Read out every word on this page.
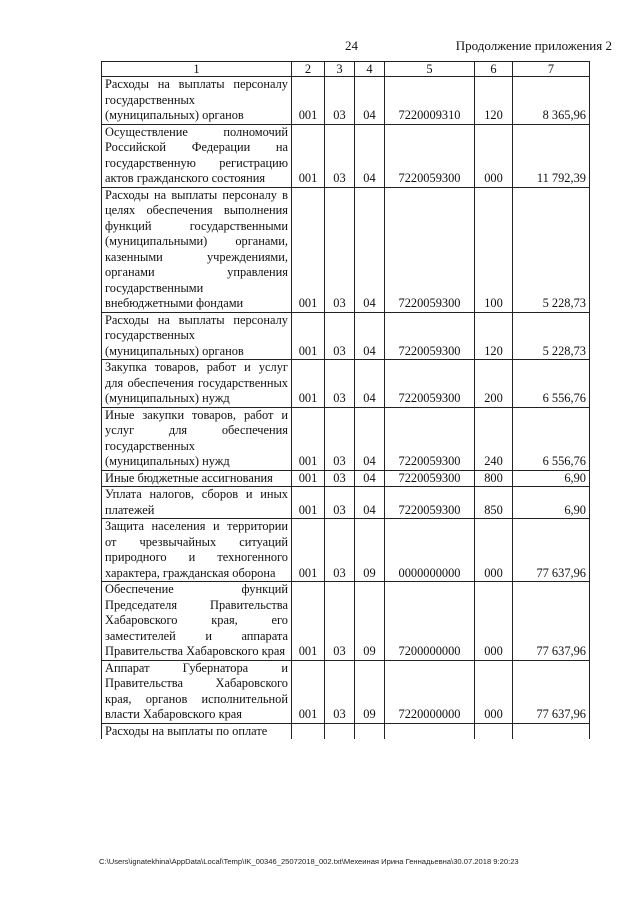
24	Продолжение приложения 2
1	2	3	4	5	6	7
Расходы на выплаты персоналу государственных (муниципальных) органов	001	03	04	7220009310	120	8 365,96
Осуществление полномочий Российской Федерации на государственную регистрацию актов гражданского состояния	001	03	04	7220059300	000	11 792,39
Расходы на выплаты персоналу в целях обеспечения выполнения функций государственными (муниципальными) органами, казенными учреждениями, органами управления государственными внебюджетными фондами	001	03	04	7220059300	100	5 228,73
Расходы на выплаты персоналу государственных (муниципальных) органов	001	03	04	7220059300	120	5 228,73
Закупка товаров, работ и услуг для обеспечения государственных (муниципальных) нужд	001	03	04	7220059300	200	6 556,76
Иные закупки товаров, работ и услуг для обеспечения государственных (муниципальных) нужд	001	03	04	7220059300	240	6 556,76
Иные бюджетные ассигнования	001	03	04	7220059300	800	6,90
Уплата налогов, сборов и иных платежей	001	03	04	7220059300	850	6,90
Защита населения и территории от чрезвычайных ситуаций природного и техногенного характера, гражданская оборона	001	03	09	0000000000	000	77 637,96
Обеспечение функций Председателя Правительства Хабаровского края, его заместителей и аппарата Правительства Хабаровского края	001	03	09	7200000000	000	77 637,96
Аппарат Губернатора и Правительства Хабаровского края, органов исполнительной власти Хабаровского края	001	03	09	7220000000	000	77 637,96
Расходы на выплаты по оплате						
C:\Users\ignatekhina\AppData\Local\Temp\IK_00346_25072018_002.txt\Мехеиная Ирина Геннадьевна\30.07.2018 9:20:23
